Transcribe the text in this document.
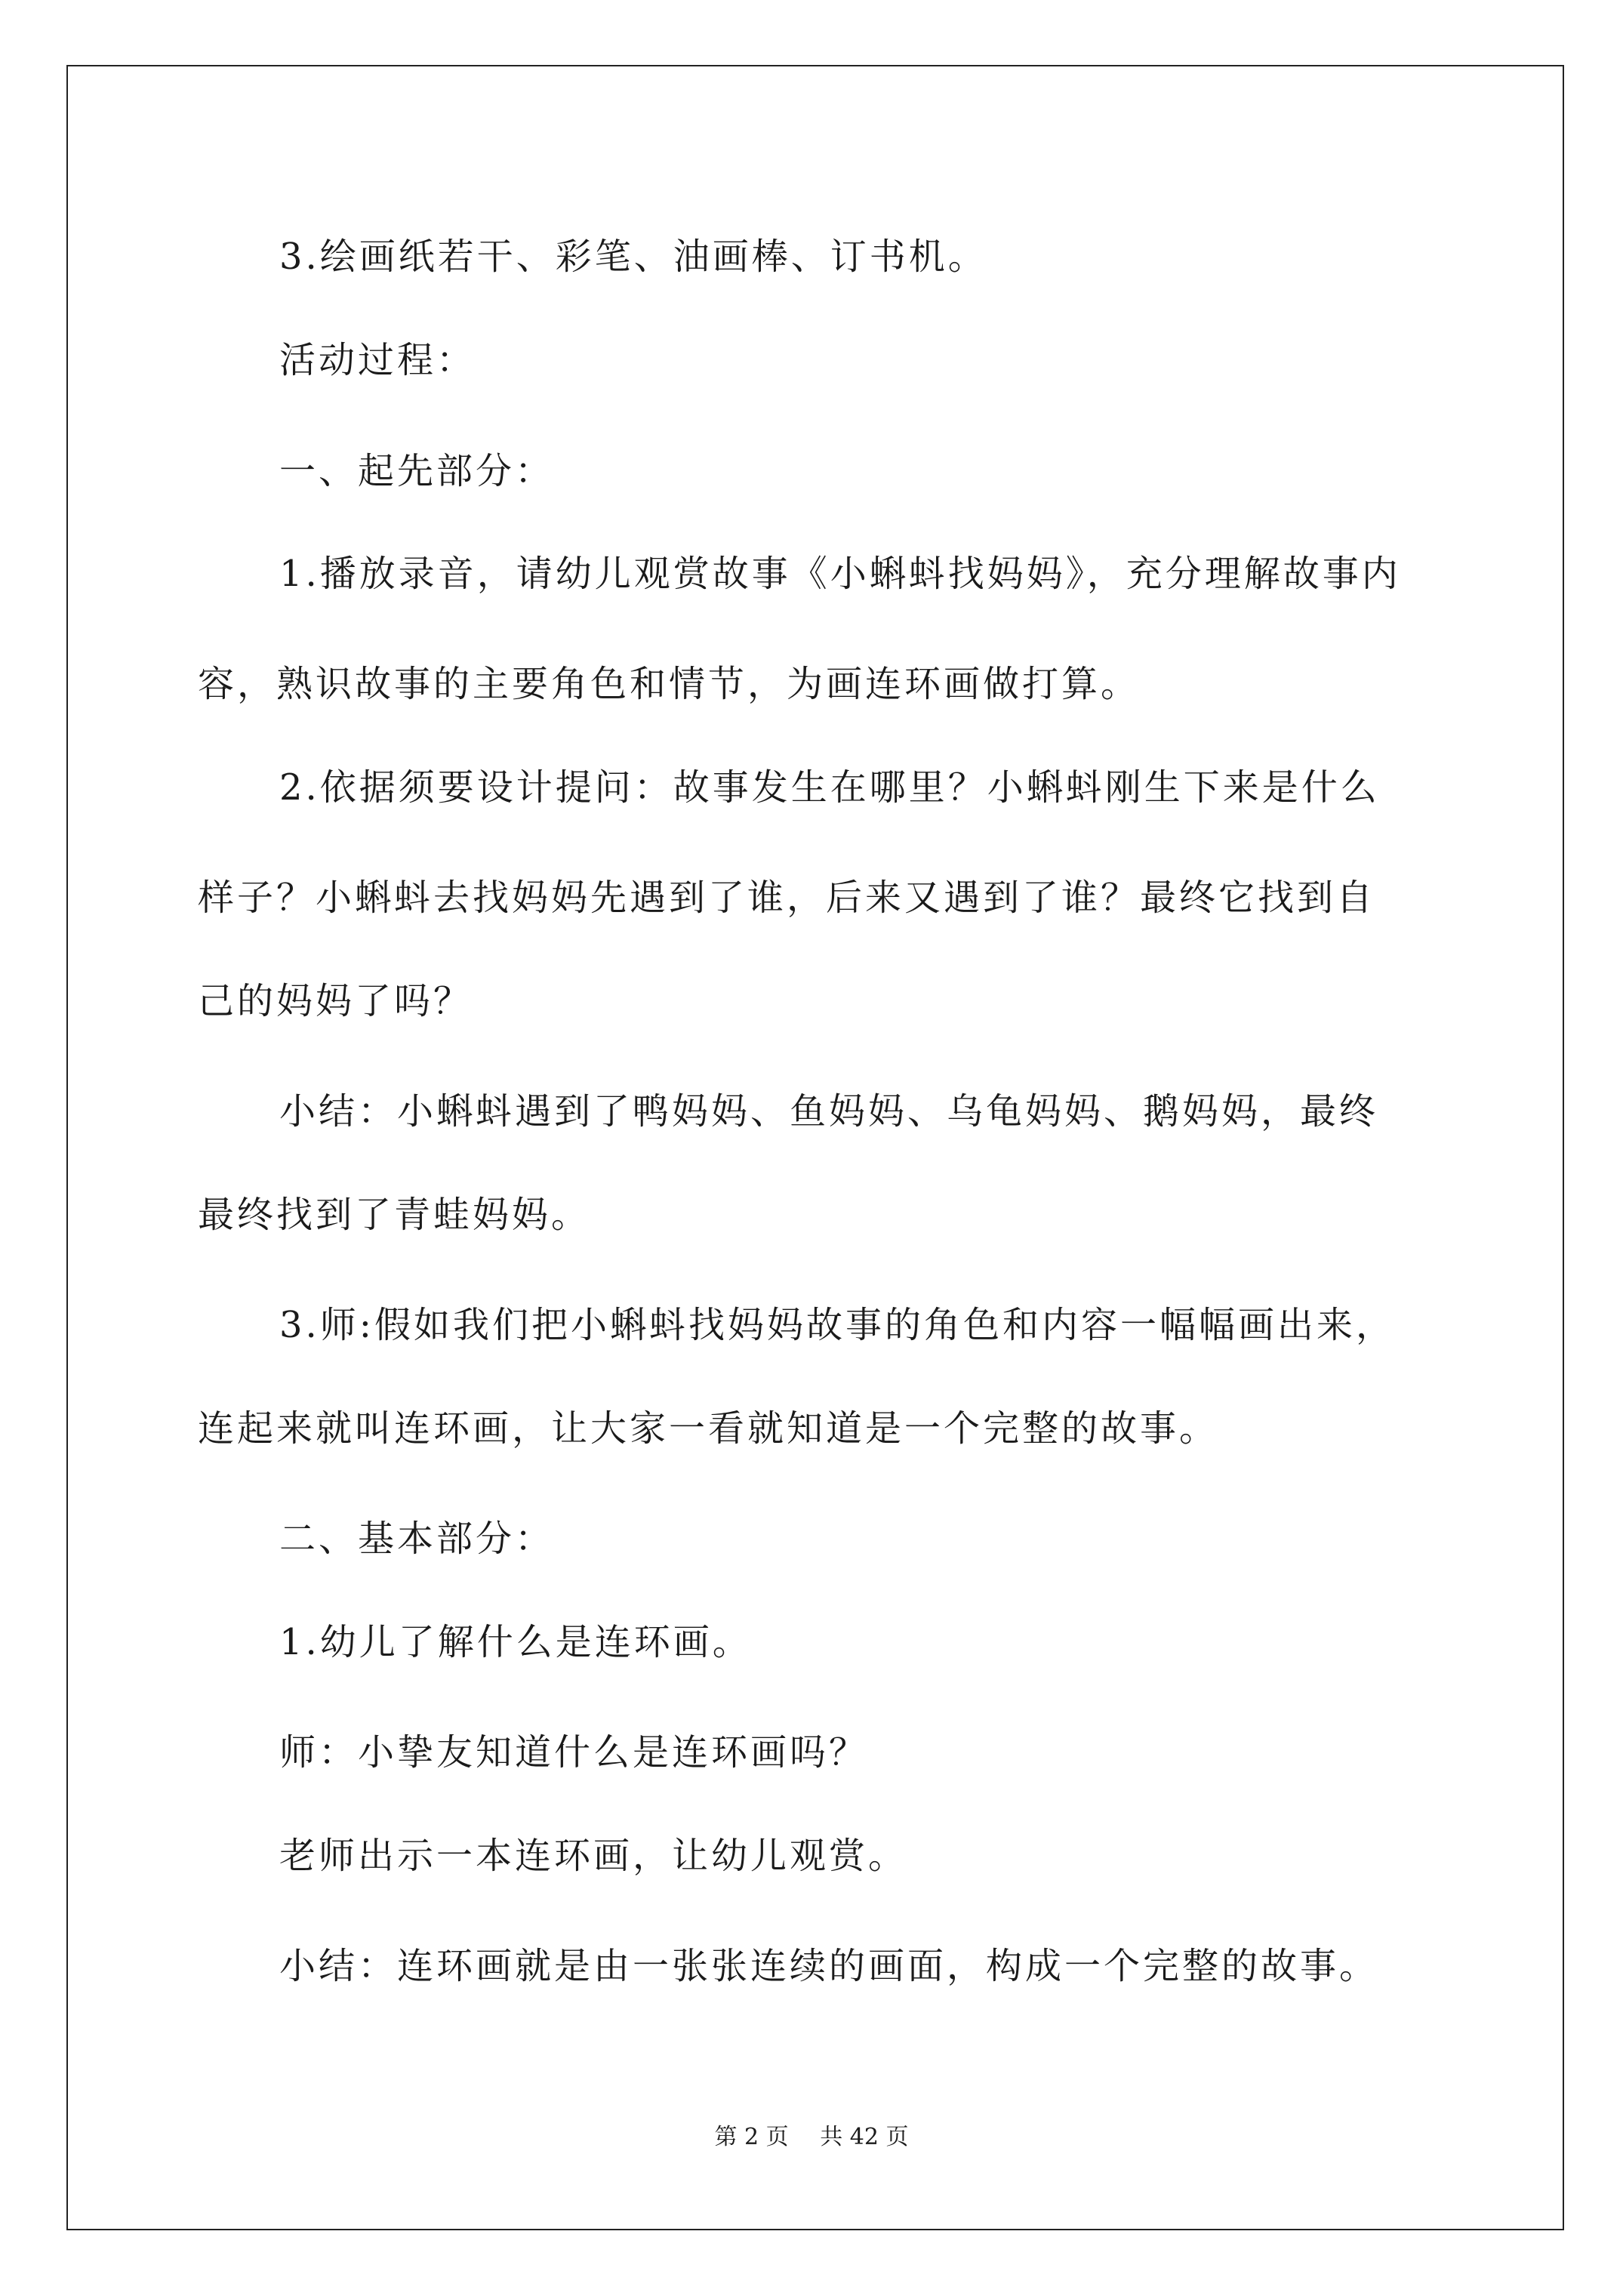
3.绘画纸若干、彩笔、油画棒、订书机。
活动过程：
一、起先部分：
1.播放录音，请幼儿观赏故事《小蝌蚪找妈妈》，充分理解故事内
容，熟识故事的主要角色和情节，为画连环画做打算。
2.依据须要设计提问：故事发生在哪里？小蝌蚪刚生下来是什么
样子？小蝌蚪去找妈妈先遇到了谁，后来又遇到了谁？最终它找到自
己的妈妈了吗？
小结：小蝌蚪遇到了鸭妈妈、鱼妈妈、乌龟妈妈、鹅妈妈，最终
最终找到了青蛙妈妈。
3.师:假如我们把小蝌蚪找妈妈故事的角色和内容一幅幅画出来，
连起来就叫连环画，让大家一看就知道是一个完整的故事。
二、基本部分：
1.幼儿了解什么是连环画。
师：小挚友知道什么是连环画吗？
老师出示一本连环画，让幼儿观赏。
小结：连环画就是由一张张连续的画面，构成一个完整的故事。
第 2 页 共 42 页
